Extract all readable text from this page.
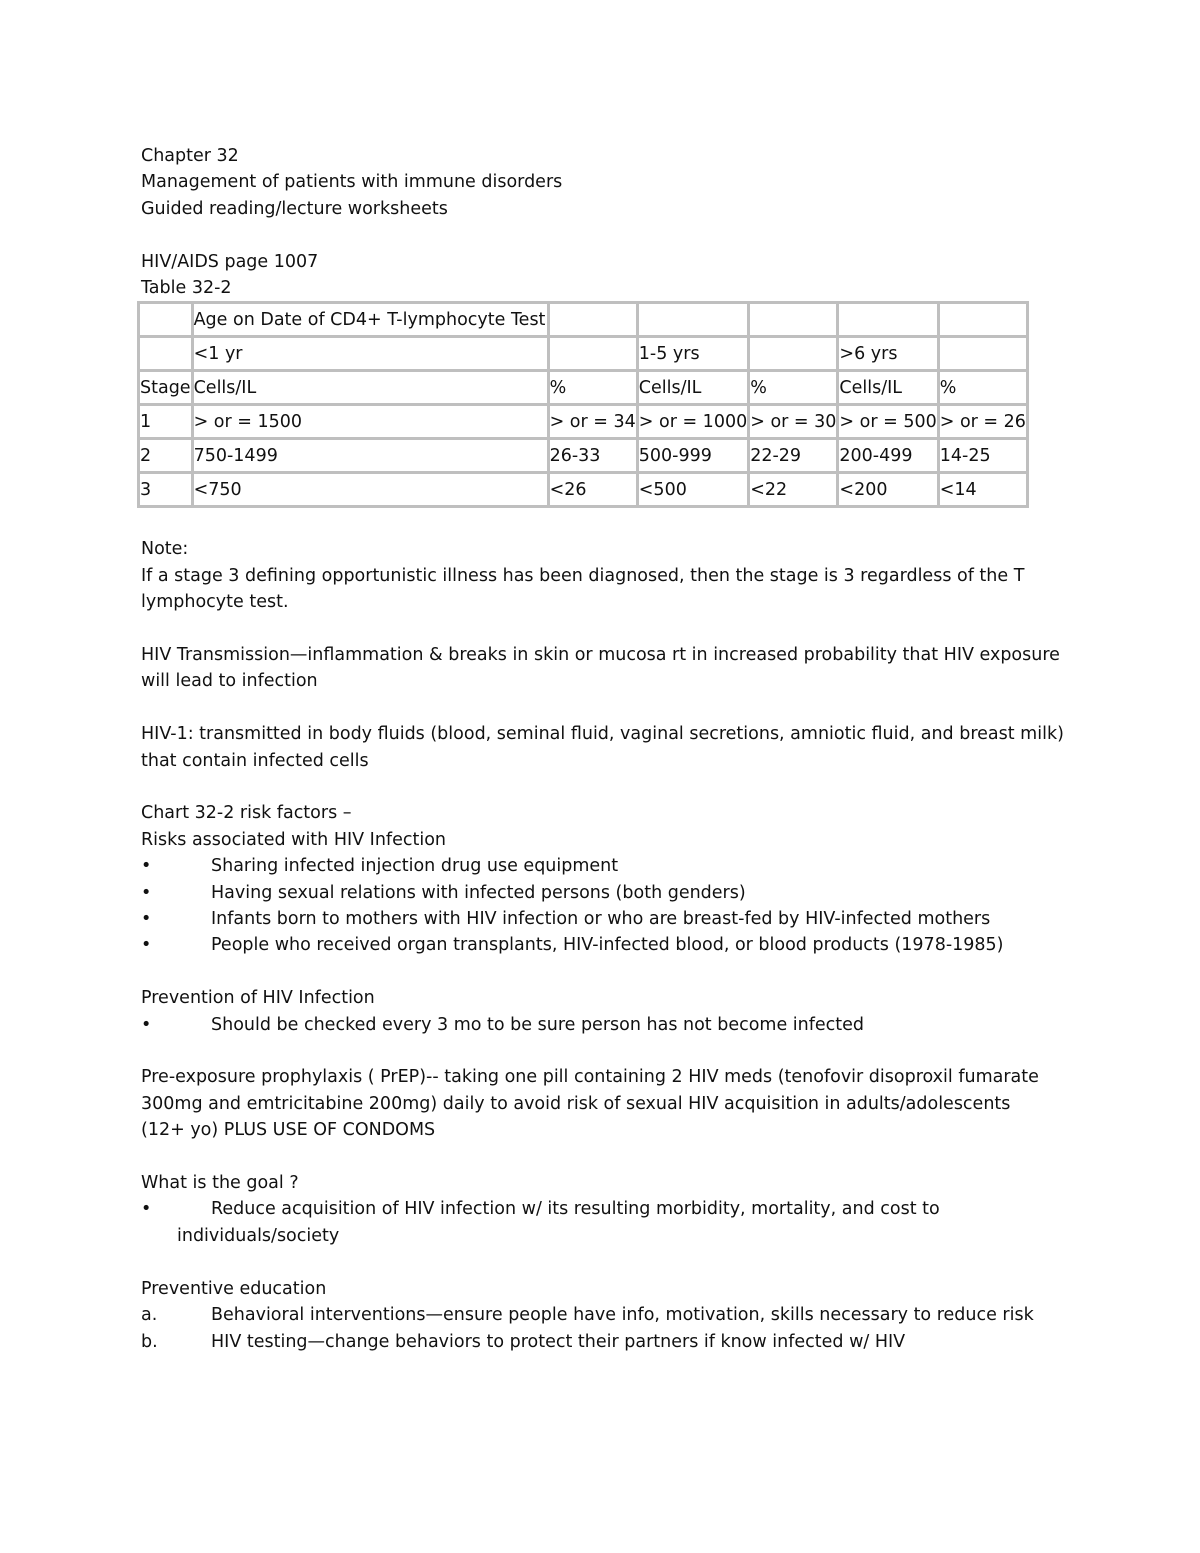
Chapter 32

Management of patients with immune disorders

Guided reading/lecture worksheets

HIV/AIDS page 1007

Table 32-2

	Age on Date of CD4+ T-lymphocyte Test					
	<1 yr		1-5 yrs		>6 yrs	
Stage	Cells/IL	%	Cells/IL	%	Cells/IL	%
1	> or = 1500	> or = 34	> or = 1000	> or = 30	> or = 500	> or = 26
2	750-1499	26-33	500-999	22-29	200-499	14-25
3	<750	<26	<500	<22	<200	<14

Note:

If a stage 3 defining opportunistic illness has been diagnosed, then the stage is 3 regardless of the T

lymphocyte test.

HIV Transmission—inflammation & breaks in skin or mucosa rt in increased probability that HIV exposure

will lead to infection

HIV-1: transmitted in body fluids (blood, seminal fluid, vaginal secretions, amniotic fluid, and breast milk)

that contain infected cells

Chart 32-2 risk factors –

Risks associated with HIV Infection

•	Sharing infected injection drug use equipment
•	Having sexual relations with infected persons (both genders)
•	Infants born to mothers with HIV infection or who are breast-fed by HIV-infected mothers
•	People who received organ transplants, HIV-infected blood, or blood products (1978-1985)

Prevention of HIV Infection

•	Should be checked every 3 mo to be sure person has not become infected

Pre-exposure prophylaxis ( PrEP)-- taking one pill containing 2 HIV meds (tenofovir disoproxil fumarate

300mg and emtricitabine 200mg) daily to avoid risk of sexual HIV acquisition in adults/adolescents

(12+ yo) PLUS USE OF CONDOMS

What is the goal ?

•	Reduce acquisition of HIV infection w/ its resulting morbidity, mortality, and cost to

individuals/society

Preventive education

a.	Behavioral interventions—ensure people have info, motivation, skills necessary to reduce risk
b.	HIV testing—change behaviors to protect their partners if know infected w/ HIV
